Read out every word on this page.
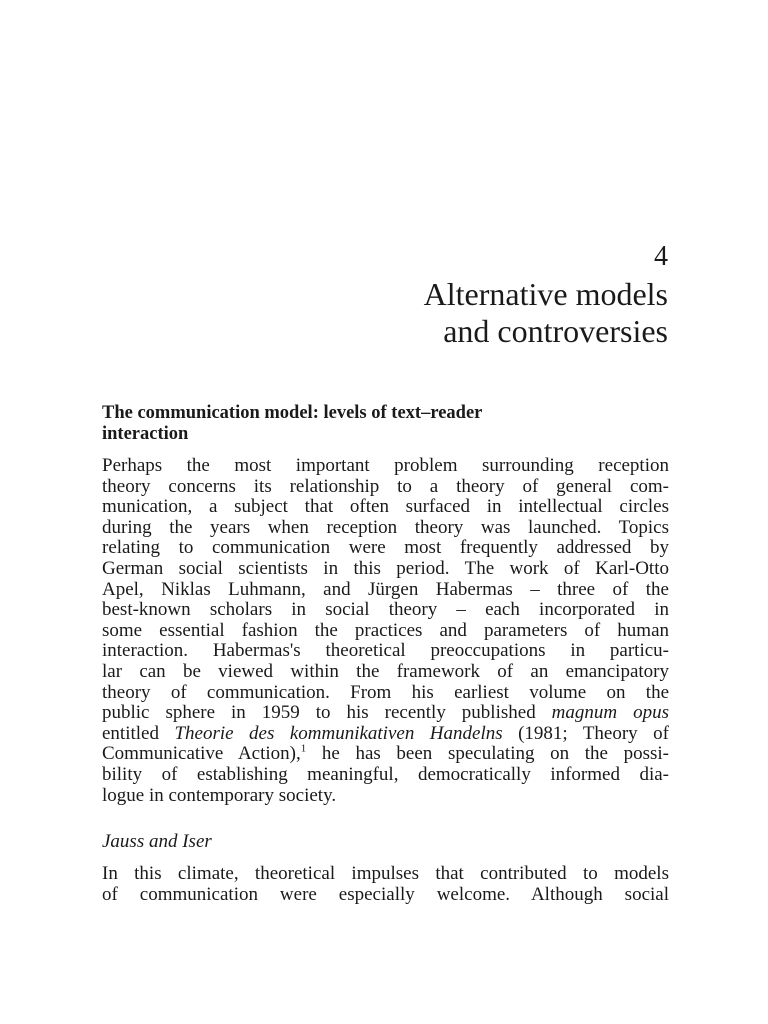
4
Alternative models
and controversies
The communication model: levels of text–reader
interaction
Perhaps the most important problem surrounding reception
theory concerns its relationship to a theory of general com-
munication, a subject that often surfaced in intellectual circles
during the years when reception theory was launched. Topics
relating to communication were most frequently addressed by
German social scientists in this period. The work of Karl-Otto
Apel, Niklas Luhmann, and Jürgen Habermas – three of the
best-known scholars in social theory – each incorporated in
some essential fashion the practices and parameters of human
interaction. Habermas's theoretical preoccupations in particu-
lar can be viewed within the framework of an emancipatory
theory of communication. From his earliest volume on the
public sphere in 1959 to his recently published magnum opus
entitled Theorie des kommunikativen Handelns (1981; Theory of
Communicative Action),$^1$ he has been speculating on the possi-
bility of establishing meaningful, democratically informed dia-
logue in contemporary society.
Jauss and Iser
In this climate, theoretical impulses that contributed to models
of communication were especially welcome. Although social
